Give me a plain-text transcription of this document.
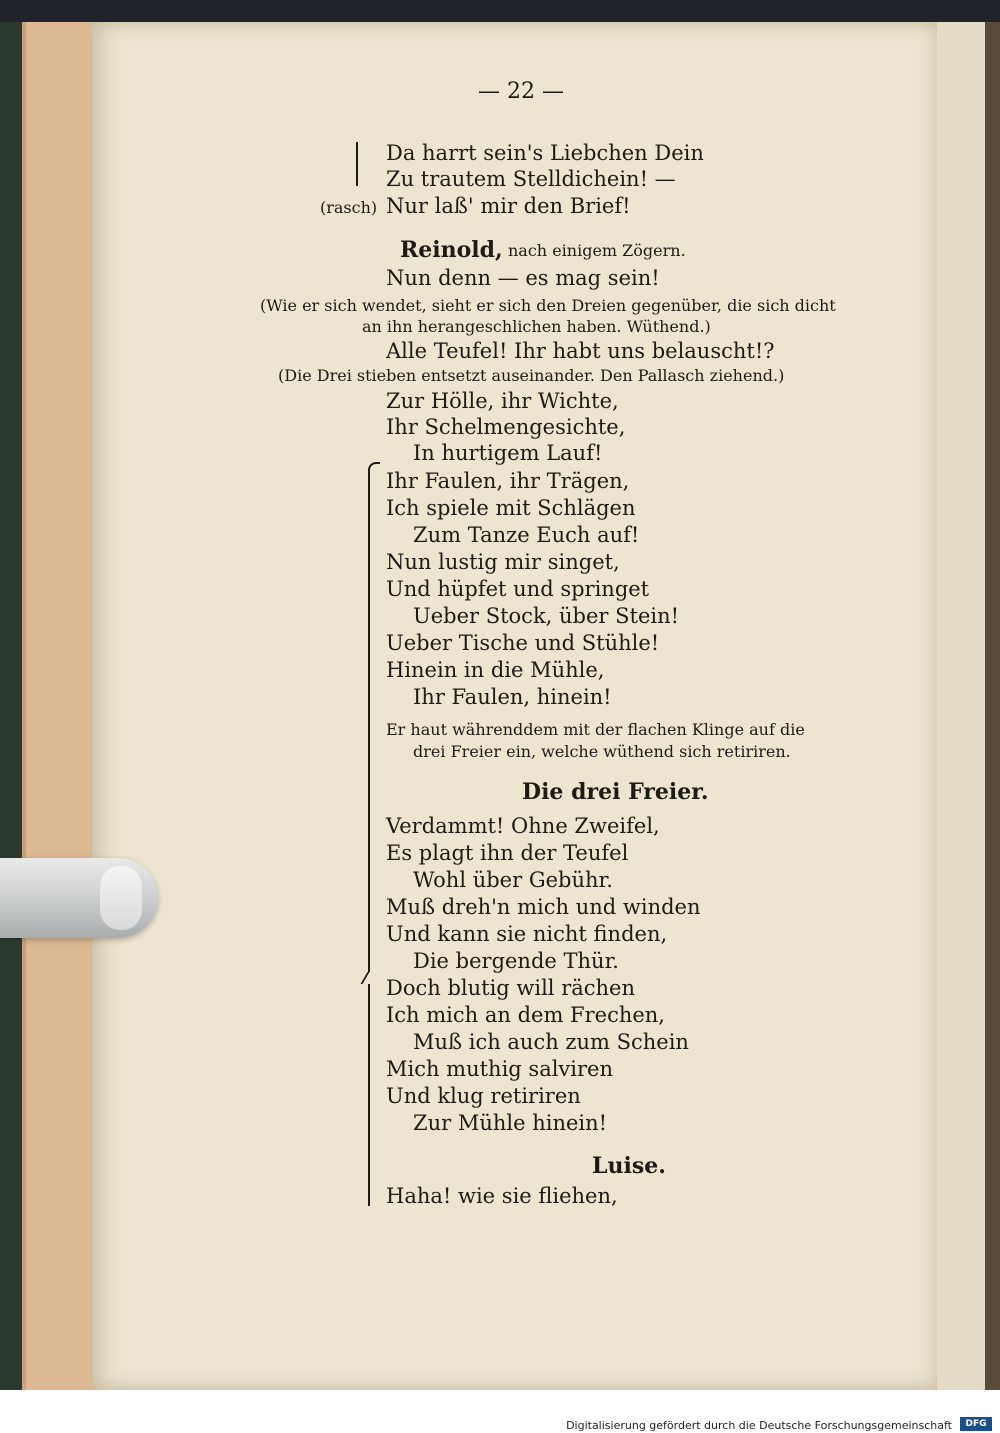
— 22 —
Da harrt sein's Liebchen Dein
Zu trautem Stelldichein! —
(rasch) Nur laß' mir den Brief!
Reinold, nach einigem Zögern.
Nun denn — es mag sein!
(Wie er sich wendet, sieht er sich den Dreien gegenüber, die sich dicht
an ihn herangeschlichen haben. Wüthend.)
Alle Teufel! Ihr habt uns belauscht!?
(Die Drei stieben entsetzt auseinander. Den Pallasch ziehend.)
Zur Hölle, ihr Wichte,
Ihr Schelmengesichte,
In hurtigem Lauf!
Ihr Faulen, ihr Trägen,
Ich spiele mit Schlägen
Zum Tanze Euch auf!
Nun lustig mir singet,
Und hüpfet und springet
Ueber Stock, über Stein!
Ueber Tische und Stühle!
Hinein in die Mühle,
Ihr Faulen, hinein!
Er haut währenddem mit der flachen Klinge auf die
drei Freier ein, welche wüthend sich retiriren.
Die drei Freier.
Verdammt! Ohne Zweifel,
Es plagt ihn der Teufel
Wohl über Gebühr.
Muß dreh'n mich und winden
Und kann sie nicht finden,
Die bergende Thür.
Doch blutig will rächen
Ich mich an dem Frechen,
Muß ich auch zum Schein
Mich muthig salviren
Und klug retiriren
Zur Mühle hinein!
Luise.
Haha! wie sie fliehen,
Digitalisierung gefördert durch die Deutsche Forschungsgemeinschaft	DFG
